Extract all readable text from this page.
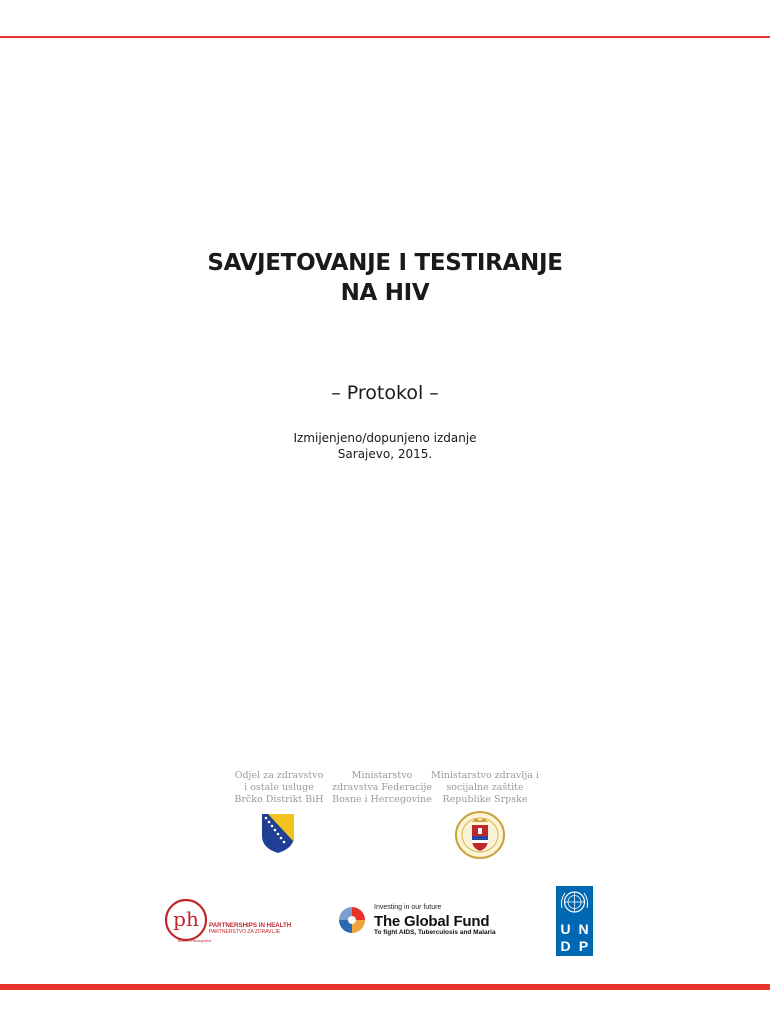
SAVJETOVANJE I TESTIRANJE
NA HIV
– Protokol –
Izmijenjeno/dopunjeno izdanje
Sarajevo, 2015.
Odjel za zdravstvo
i ostale usluge
Brčko Distrikt BiH
Ministarstvo
zdravstva Federacije
Bosne i Hercegovine
Ministarstvo zdravlja i
socijalne zaštite
Republike Srpske
ph PARTNERSHIPS IN HEALTH
PARTNERSTVO ZA ZDRAVLJE
Bosna i Hercegovina
Investing in our future
The Global Fund
To fight AIDS, Tuberculosis and Malaria	U N
D P
